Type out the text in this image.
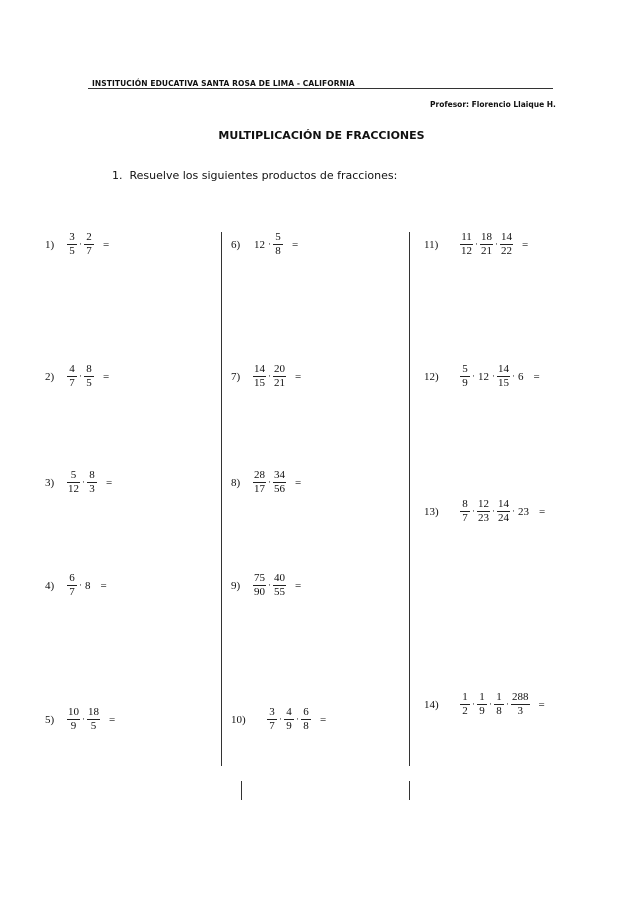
INSTITUCIÓN EDUCATIVA SANTA ROSA DE LIMA - CALIFORNIA
Profesor: Florencio Llaique H.
MULTIPLICACIÓN DE FRACCIONES
1. Resuelve los siguientes productos de fracciones:
1)	$\frac{3}{5} \cdot \frac{2}{7}$ =
2)	$\frac{4}{7} \cdot \frac{8}{5}$ =
3)	$\frac{5}{12} \cdot \frac{8}{3}$ =
4)	$\frac{6}{7} \cdot 8$ =
5)	$\frac{10}{9} \cdot \frac{18}{5}$ =
6)	$12 \cdot \frac{5}{8}$ =
7)	$\frac{14}{15} \cdot \frac{20}{21}$ =
8)	$\frac{28}{17} \cdot \frac{34}{56}$ =
9)	$\frac{75}{90} \cdot \frac{40}{55}$ =
10)	$\frac{3}{7} \cdot \frac{4}{9} \cdot \frac{6}{8}$ =
11)	$\frac{11}{12} \cdot \frac{18}{21} \cdot \frac{14}{22}$ =
12)	$\frac{5}{9} \cdot 12 \cdot \frac{14}{15} \cdot 6$ =
13)	$\frac{8}{7} \cdot \frac{12}{23} \cdot \frac{14}{24} \cdot 23$ =
14)	$\frac{1}{2} \cdot \frac{1}{9} \cdot \frac{1}{8} \cdot \frac{288}{3}$ =
